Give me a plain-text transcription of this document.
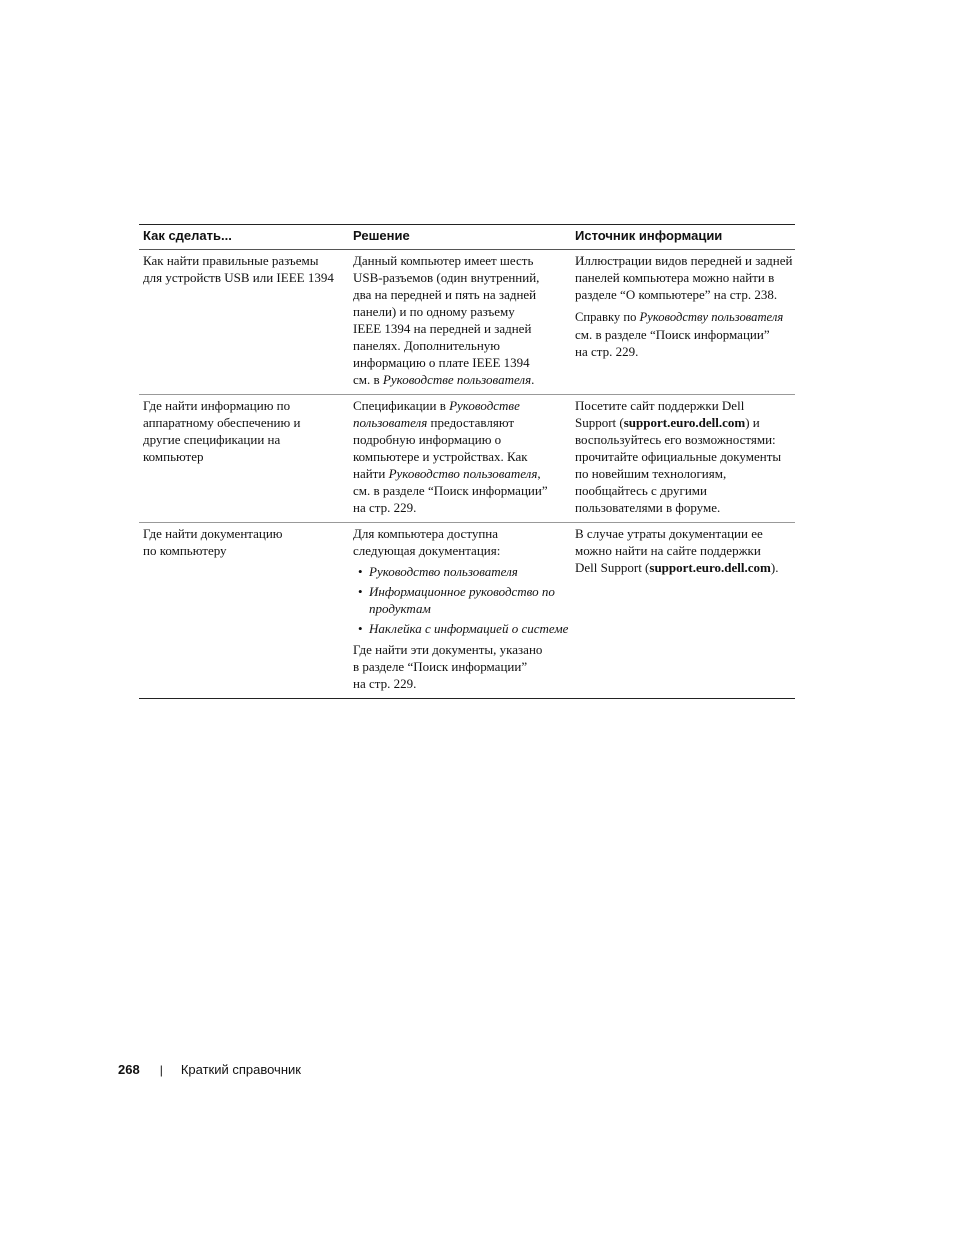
Как сделать...	Решение	Источник информации
Как найти правильные разъемы
для устройств USB или IEEE 1394
Данный компьютер имеет шесть
USB-разъемов (один внутренний,
два на передней и пять на задней
панели) и по одному разъему
IEEE 1394 на передней и задней
панелях. Дополнительную
информацию о плате IEEE 1394
см. в Руководстве пользователя.
Иллюстрации видов передней и задней
панелей компьютера можно найти в
разделе “О компьютере” на стр. 238.
Справку по Руководству пользователя
см. в разделе “Поиск информации”
на стр. 229.
Где найти информацию по
аппаратному обеспечению и
другие спецификации на
компьютер
Спецификации в Руководстве
пользователя предоставляют
подробную информацию о
компьютере и устройствах. Как
найти Руководство пользователя,
см. в разделе “Поиск информации”
на стр. 229.
Посетите сайт поддержки Dell
Support (support.euro.dell.com) и
воспользуйтесь его возможностями:
прочитайте официальные документы
по новейшим технологиям,
пообщайтесь с другими
пользователями в форуме.
Где найти документацию
по компьютеру
Для компьютера доступна
следующая документация:
• Руководство пользователя
• Информационное руководство по продуктам
• Наклейка с информацией о системе
Где найти эти документы, указано
в разделе “Поиск информации”
на стр. 229.
В случае утраты документации ее
можно найти на сайте поддержки
Dell Support (support.euro.dell.com).
268 | Краткий справочник
